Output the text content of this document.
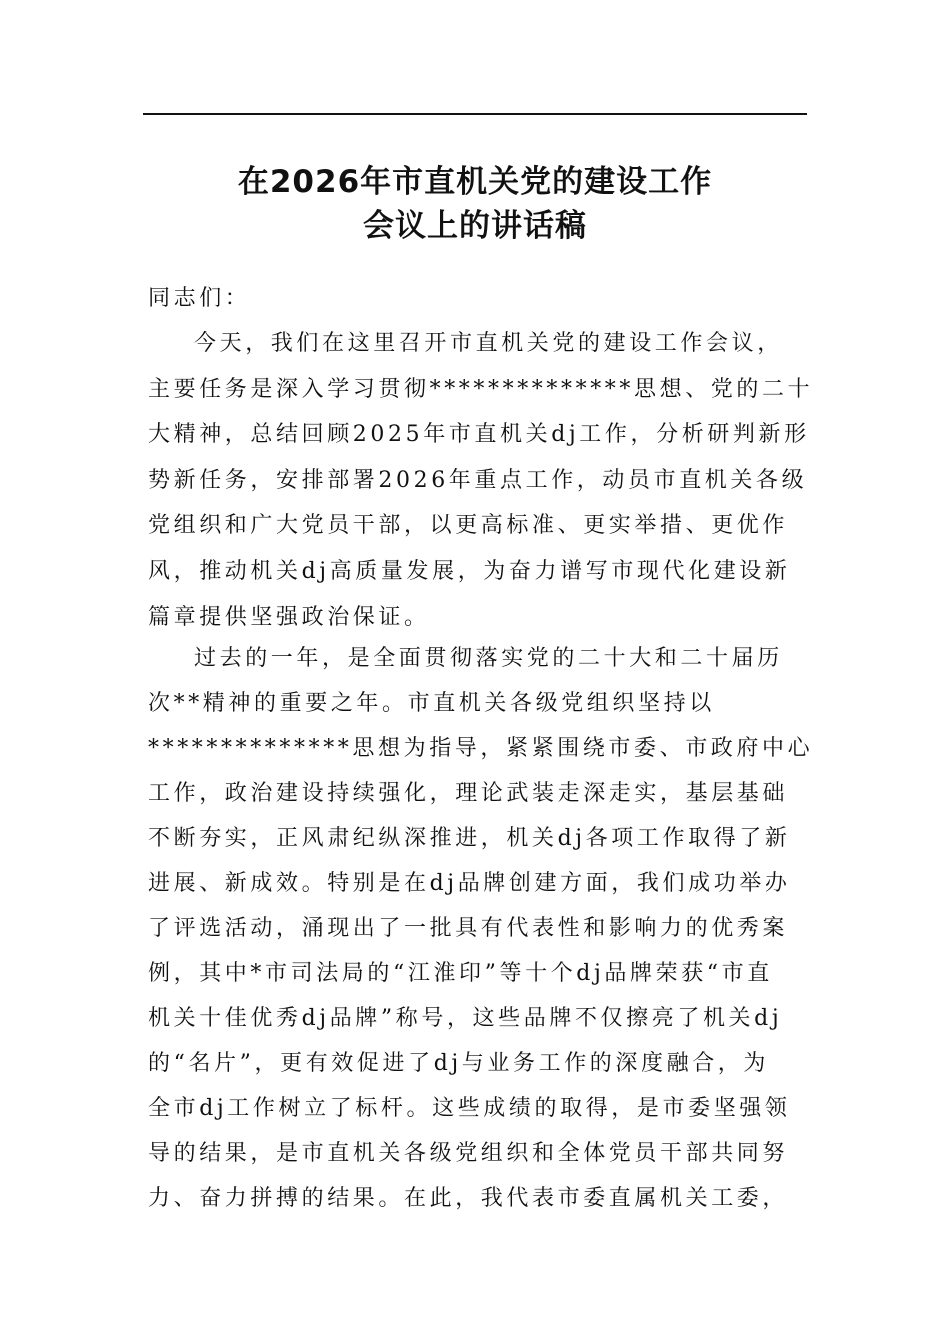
在2026年市直机关党的建设工作
会议上的讲话稿
同志们：
今天，我们在这里召开市直机关党的建设工作会议，
主要任务是深入学习贯彻**************思想、党的二十
大精神，总结回顾2025年市直机关dj工作，分析研判新形
势新任务，安排部署2026年重点工作，动员市直机关各级
党组织和广大党员干部，以更高标准、更实举措、更优作
风，推动机关dj高质量发展，为奋力谱写市现代化建设新
篇章提供坚强政治保证。
过去的一年，是全面贯彻落实党的二十大和二十届历
次**精神的重要之年。市直机关各级党组织坚持以
**************思想为指导，紧紧围绕市委、市政府中心
工作，政治建设持续强化，理论武装走深走实，基层基础
不断夯实，正风肃纪纵深推进，机关dj各项工作取得了新
进展、新成效。特别是在dj品牌创建方面，我们成功举办
了评选活动，涌现出了一批具有代表性和影响力的优秀案
例，其中*市司法局的“江淮印”等十个dj品牌荣获“市直
机关十佳优秀dj品牌”称号，这些品牌不仅擦亮了机关dj
的“名片”，更有效促进了dj与业务工作的深度融合，为
全市dj工作树立了标杆。这些成绩的取得，是市委坚强领
导的结果，是市直机关各级党组织和全体党员干部共同努
力、奋力拼搏的结果。在此，我代表市委直属机关工委，
